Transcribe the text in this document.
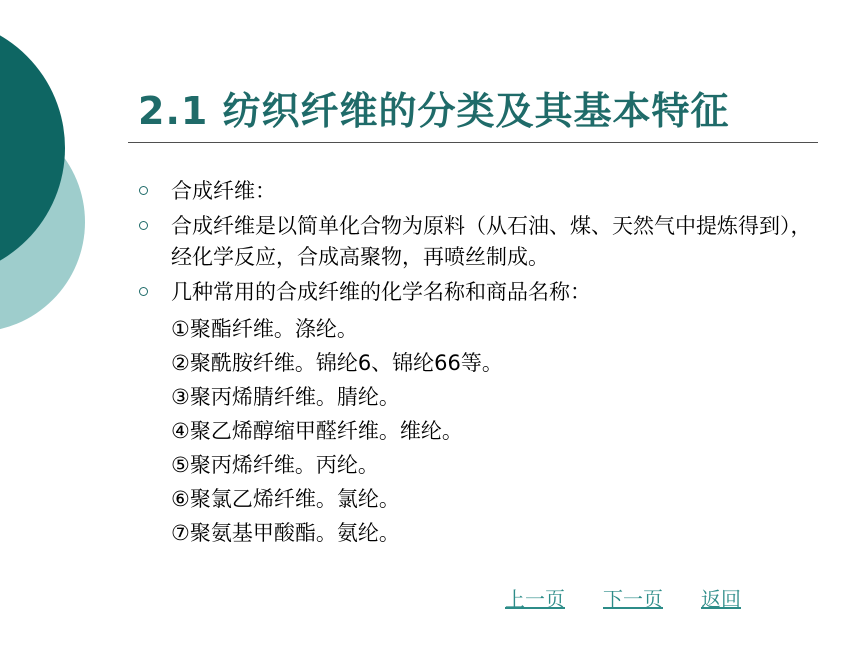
2.1 纺织纤维的分类及其基本特征
合成纤维：
合成纤维是以简单化合物为原料（从石油、煤、天然气中提炼得到），经化学反应，合成高聚物，再喷丝制成。
几种常用的合成纤维的化学名称和商品名称：
①聚酯纤维。涤纶。
②聚酰胺纤维。锦纶6、锦纶66等。
③聚丙烯腈纤维。腈纶。
④聚乙烯醇缩甲醛纤维。维纶。
⑤聚丙烯纤维。丙纶。
⑥聚氯乙烯纤维。氯纶。
⑦聚氨基甲酸酯。氨纶。
上一页 下一页 返回
